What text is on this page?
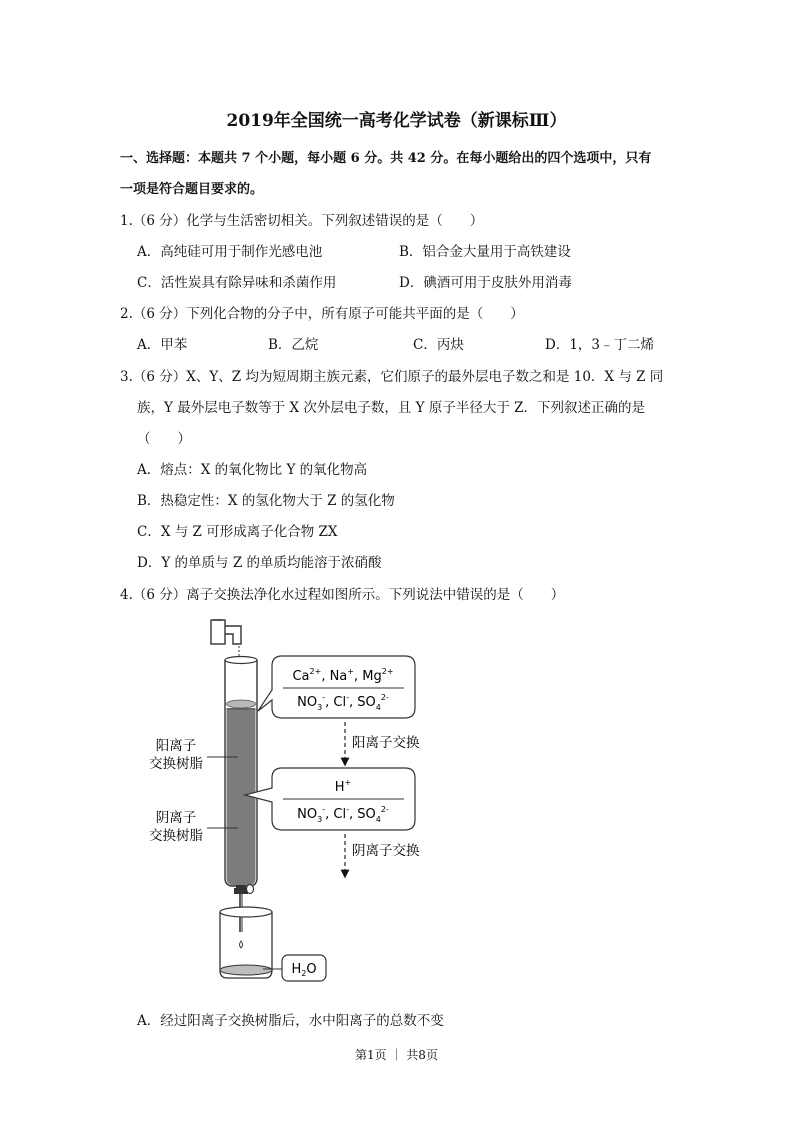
2019年全国统一高考化学试卷（新课标Ⅲ）
一、选择题：本题共 7 个小题，每小题 6 分。共 42 分。在每小题给出的四个选项中，只有
一项是符合题目要求的。
1.（6 分）化学与生活密切相关。下列叙述错误的是（　　）
A．高纯硅可用于制作光感电池	B．铝合金大量用于高铁建设
C．活性炭具有除异味和杀菌作用	D．碘酒可用于皮肤外用消毒
2.（6 分）下列化合物的分子中，所有原子可能共平面的是（　　）
A．甲苯	B．乙烷	C．丙炔	D．1，3﹣丁二烯
3.（6 分）X、Y、Z 均为短周期主族元素，它们原子的最外层电子数之和是 10．X 与 Z 同
族，Y 最外层电子数等于 X 次外层电子数，且 Y 原子半径大于 Z．下列叙述正确的是
（　　）
A．熔点：X 的氧化物比 Y 的氧化物高
B．热稳定性：X 的氢化物大于 Z 的氢化物
C．X 与 Z 可形成离子化合物 ZX
D．Y 的单质与 Z 的单质均能溶于浓硝酸
4.（6 分）离子交换法净化水过程如图所示。下列说法中错误的是（　　）
阳离子
交换树脂
阴离子
交换树脂
$Ca^{2+}$, Na+, $Mg^{2+}$
$NO_3^-$, Cl-, $SO_4^{2-}$
阳离子交换
H+
$NO_3^-$, Cl-, $SO_4^{2-}$
阴离子交换
$H_2O$
A．经过阳离子交换树脂后，水中阳离子的总数不变
第1页 ｜ 共8页
